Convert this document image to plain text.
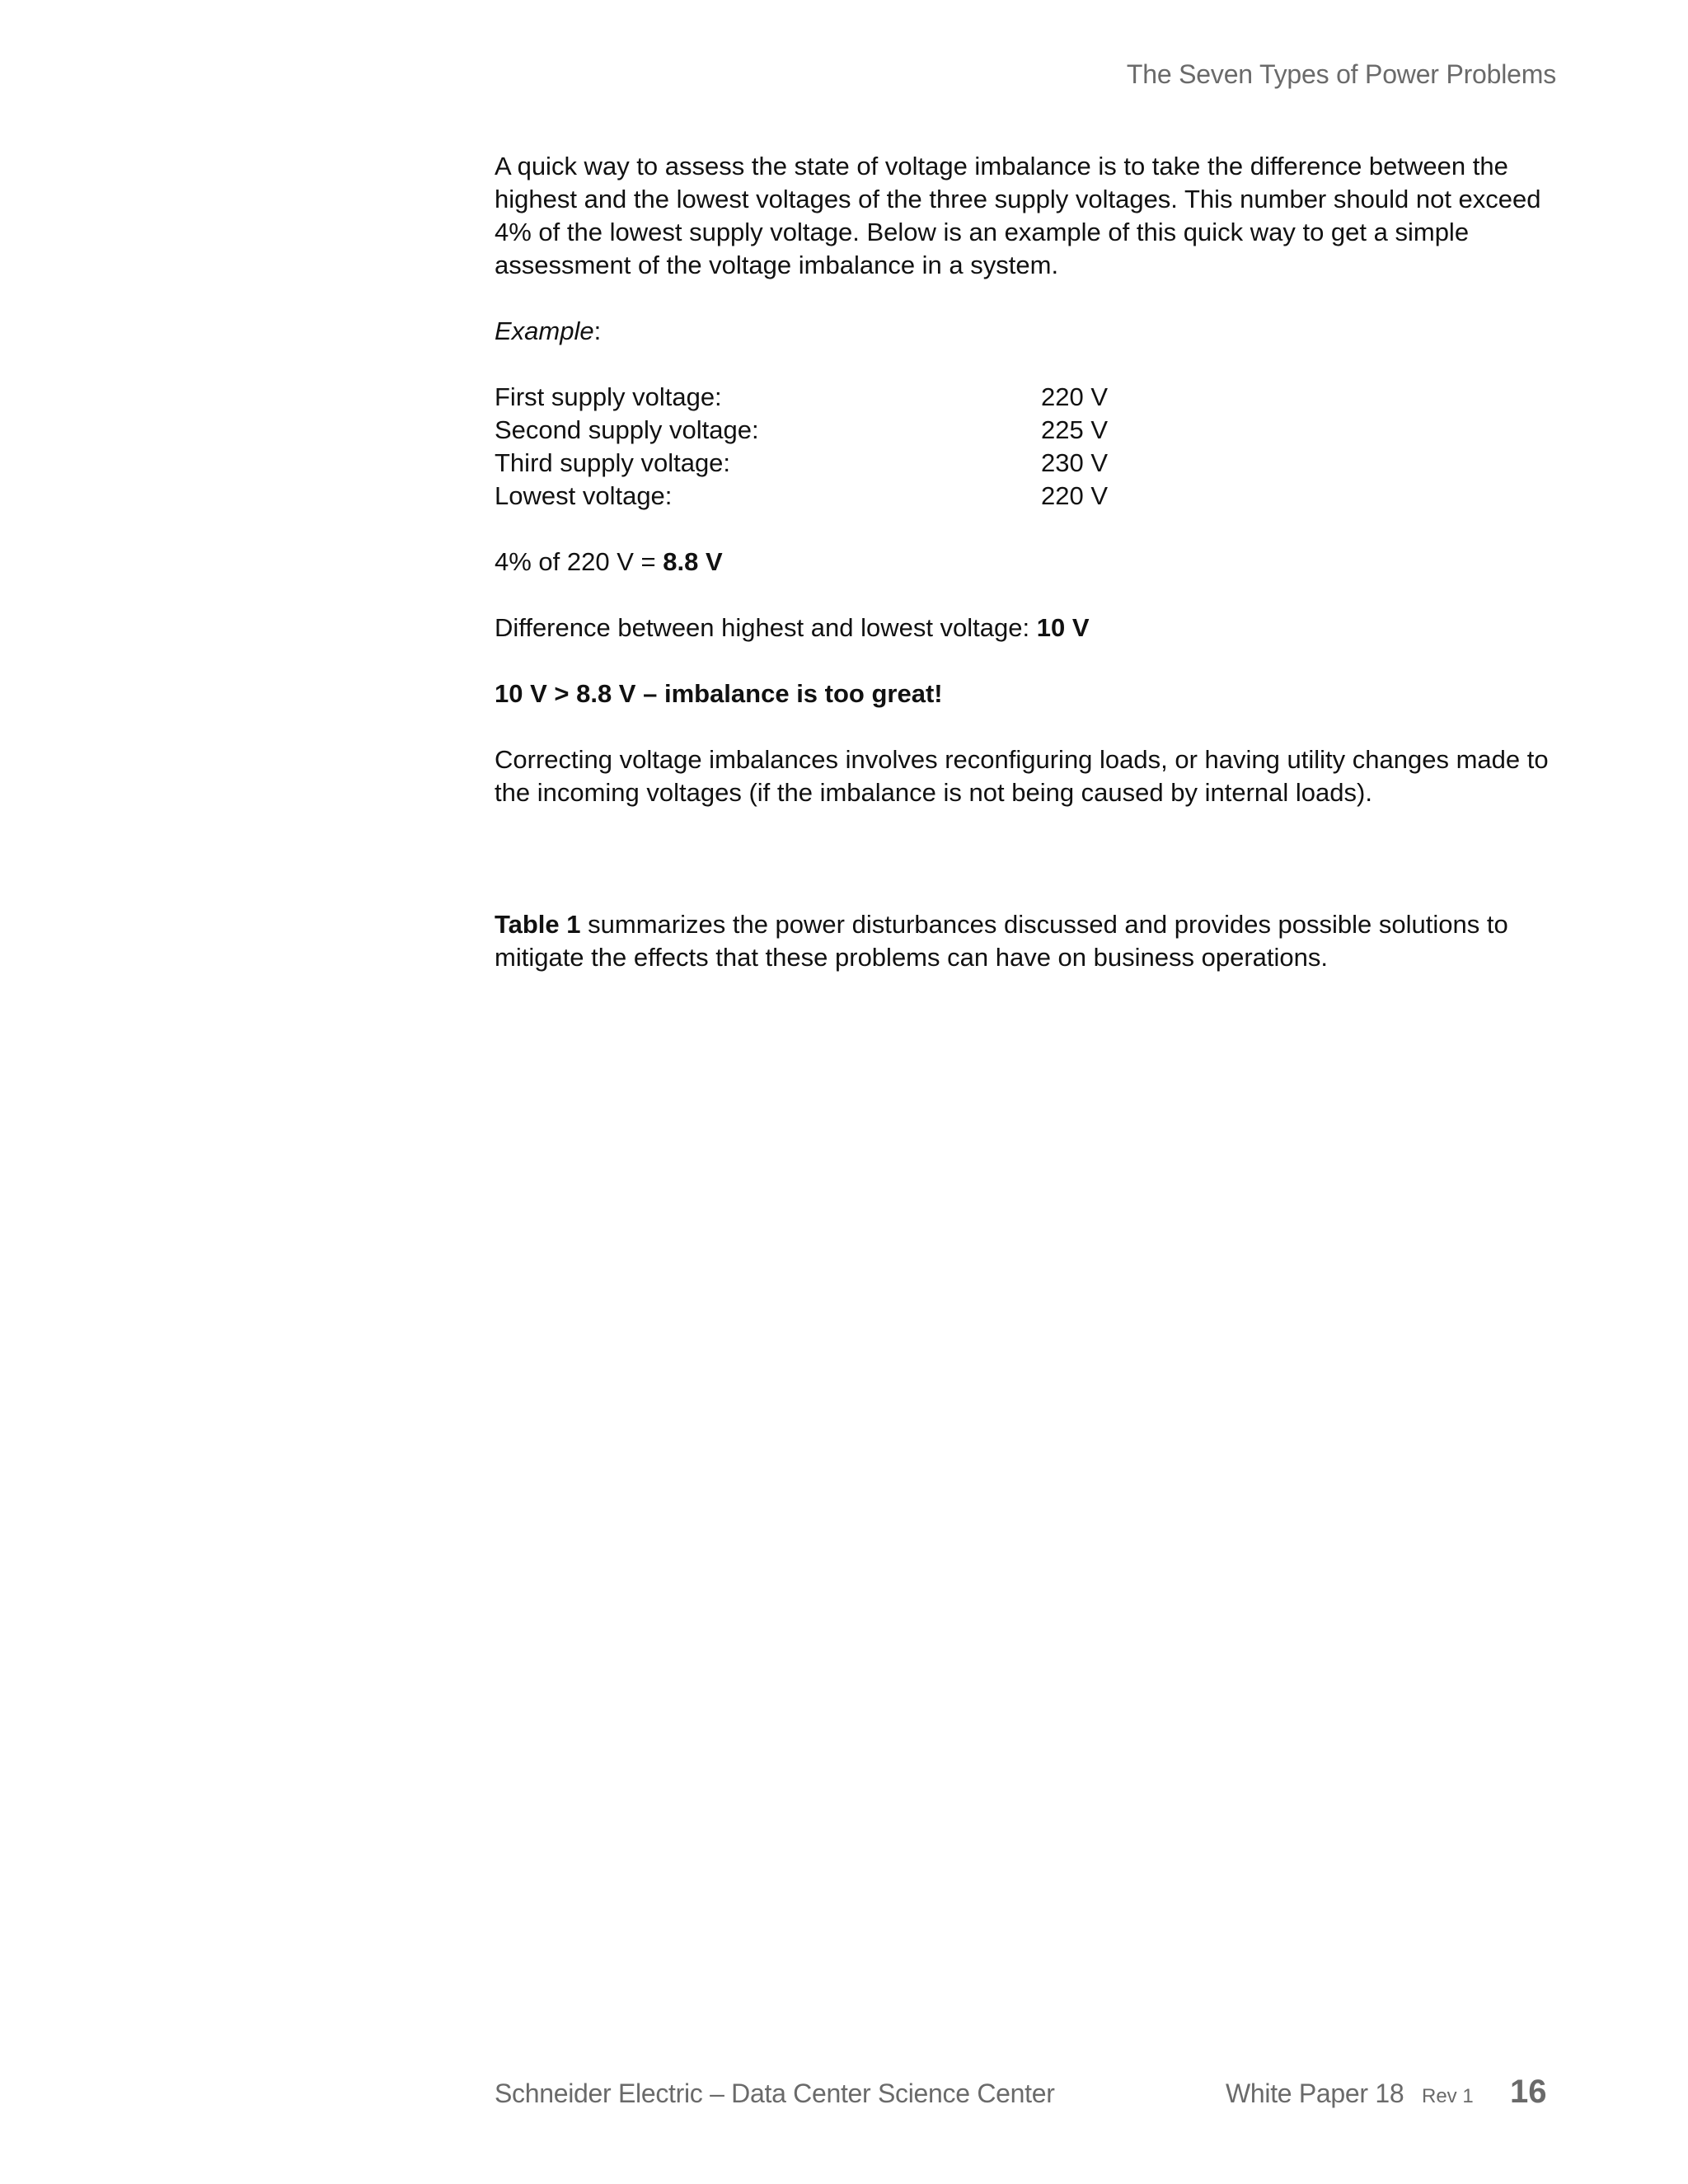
The Seven Types of Power Problems

A quick way to assess the state of voltage imbalance is to take the difference between the highest and the lowest voltages of the three supply voltages. This number should not exceed 4% of the lowest supply voltage. Below is an example of this quick way to get a simple assessment of the voltage imbalance in a system.

Example:

First supply voltage:	220 V
Second supply voltage:	225 V
Third supply voltage:	230 V
Lowest voltage:	220 V

4% of 220 V = 8.8 V

Difference between highest and lowest voltage: 10 V

10 V > 8.8 V – imbalance is too great!

Correcting voltage imbalances involves reconfiguring loads, or having utility changes made to the incoming voltages (if the imbalance is not being caused by internal loads).

Table 1 summarizes the power disturbances discussed and provides possible solutions to mitigate the effects that these problems can have on business operations.

Schneider Electric – Data Center Science Center	White Paper 18 Rev 1 16
